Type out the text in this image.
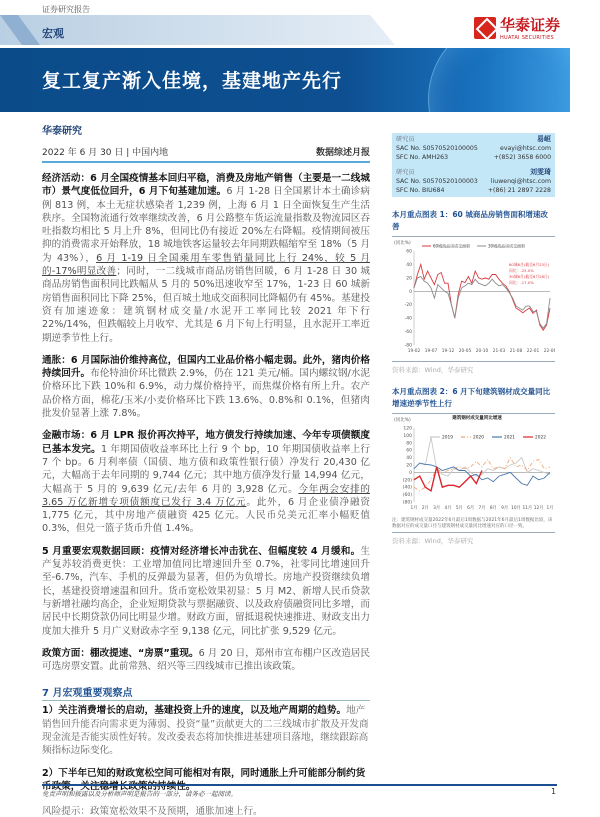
证券研究报告
宏观	华泰证券
HUATAI SECURITIES
复工复产渐入佳境，基建地产先行
华泰研究
2022 年 6 月 30 日 | 中国内地	数据综述月报
经济活动：6 月全国疫情基本回归平稳，消费及房地产销售（主要是一二线城市）景气度低位回升，6 月下旬基建加速。6 月 1-28 日全国累计本土确诊病例 813 例，本土无症状感染者 1,239 例，上海 6 月 1 日全面恢复生产生活秩序。全国物流通行效率继续改善，6 月公路整车货运流量指数及物流园区吞吐指数均相比 5 月上升 8%，但同比仍有接近 20%左右降幅。疫情期间被压抑的消费需求开始释放，18 城地铁客运量较去年同期跌幅缩窄至 18%（5 月为 43%），6 月 1-19 日全国乘用车零售销量同比上行 24%，较 5 月的-17%明显改善；同时，一二线城市商品房销售回暖，6 月 1-28 日 30 城商品房销售面积同比跌幅从 5 月的 50%迅速收窄至 17%，1-23 日 60 城新房销售面积同比下降 25%，但百城土地成交面积同比降幅仍有 45%。基建投资有加速迹象：建筑钢材成交量/水泥开工率同比较 2021 年下行 22%/14%，但跌幅较上月收窄、尤其是 6 月下旬上行明显，且水泥开工率近期逆季节性上行。
通胀：6 月国际油价维持高位，但国内工业品价格小幅走弱。此外，猪肉价格持续回升。布伦特油价环比微跌 2.9%，仍在 121 美元/桶。国内螺纹钢/水泥价格环比下跌 10%和 6.9%，动力煤价格持平，而焦煤价格有所上升。农产品价格方面，棉花/玉米/小麦价格环比下跌 13.6%、0.8%和 0.1%，但猪肉批发价显著上涨 7.8%。
金融市场：6 月 LPR 报价再次持平，地方债发行持续加速、今年专项债额度已基本发完。1 年期国债收益率环比上行 9 个 bp，10 年期国债收益率上行 7 个 bp。6 月利率债（国债、地方债和政策性银行债）净发行 20,430 亿元，大幅高于去年同期的 9,744 亿元；其中地方债净发行量 14,994 亿元，大幅高于 5 月的 9,639 亿元/去年 6 月的 3,928 亿元。今年两会安排的 3.65 万亿新增专项债额度已发行 3.4 万亿元。此外，6 月企业债净融资 1,775 亿元，其中房地产债融资 425 亿元。人民币兑美元汇率小幅贬值 0.3%，但兑一篮子货币升值 1.4%。
5 月重要宏观数据回顾：疫情对经济增长冲击犹在、但幅度较 4 月缓和。生产复苏较消费更快：工业增加值同比增速回升至 0.7%，社零同比增速回升至-6.7%，汽车、手机的反弹最为显著，但仍为负增长。房地产投资继续负增长，基建投资增速温和回升。货币宽松效果初显：5 月 M2、新增人民币贷款与新增社融均高企，企业短期贷款与票据融资、以及政府债融资同比多增，而居民中长期贷款仍同比明显少增。财政方面，留抵退税快速推进、财政支出力度加大推升 5 月广义财政赤字至 9,138 亿元，同比扩张 9,529 亿元。
政策方面：棚改提速、“房票”重现。6 月 20 日，郑州市宣布棚户区改造居民可选房票安置。此前常熟、绍兴等三四线城市已推出该政策。
7 月宏观重要观察点
1）关注消费增长的启动，基建投资上升的速度，以及地产周期的趋势。地产销售回升能否向需求更为薄弱、投资“量”贡献更大的二三线城市扩散及开发商现金流是否能实质性好转。发改委表态将加快推进基建项目落地，继续跟踪高频指标边际变化。
2）下半年已知的财政宽松空间可能相对有限，同时通胀上升可能部分制约货币政策，关注稳增长政策的持续性。
风险提示：政策宽松效果不及预期，通胀加速上行。
研究员	易峘
SAC No. S0570520100005	evayi@htsc.com
SFC No. AMH263	+(852) 3658 6000
研究员	刘雯琦
SAC No. S0570520100003 liuwenqi@htsc.com
SFC No. BIU684	+(86) 21 2897 2228
本月重点图表 1：60 城商品房销售面积增速改善
(同比%)
60
40
20
0
-20
-40
-60
-80
19-02 19-07 19-12 20-05 20-10 21-03 21-08 22-01 22-06
60城商品房成交面积	30城商品房成交面积
60城6月(截至6月23日)
同比：-25.0%
30城6月(截至6月28日)
同比：-17.0%
资料来源：Wind，华泰研究
本月重点图表 2：6 月下旬建筑钢材成交量同比增速逆季节性上行
(同比%)
120
100
80
60
40
20
0
(20)
(40)
(60)
(80)
1月 2月 3月 4月 5月 6月 7月 8月 9月 10月 11月 12月 1月
建筑钢材成交量同比增速
2019	2020	2021	2022
注：建筑钢材成交量2022年6月最后1周数据与2021年6月最后1周数据比较，该数据对应的成交量口径与建筑钢材成交量同比增速对应的口径一致。
资料来源：Wind，华泰研究
免责声明和披露以及分析师声明是报告的一部分，请务必一起阅读。	1
